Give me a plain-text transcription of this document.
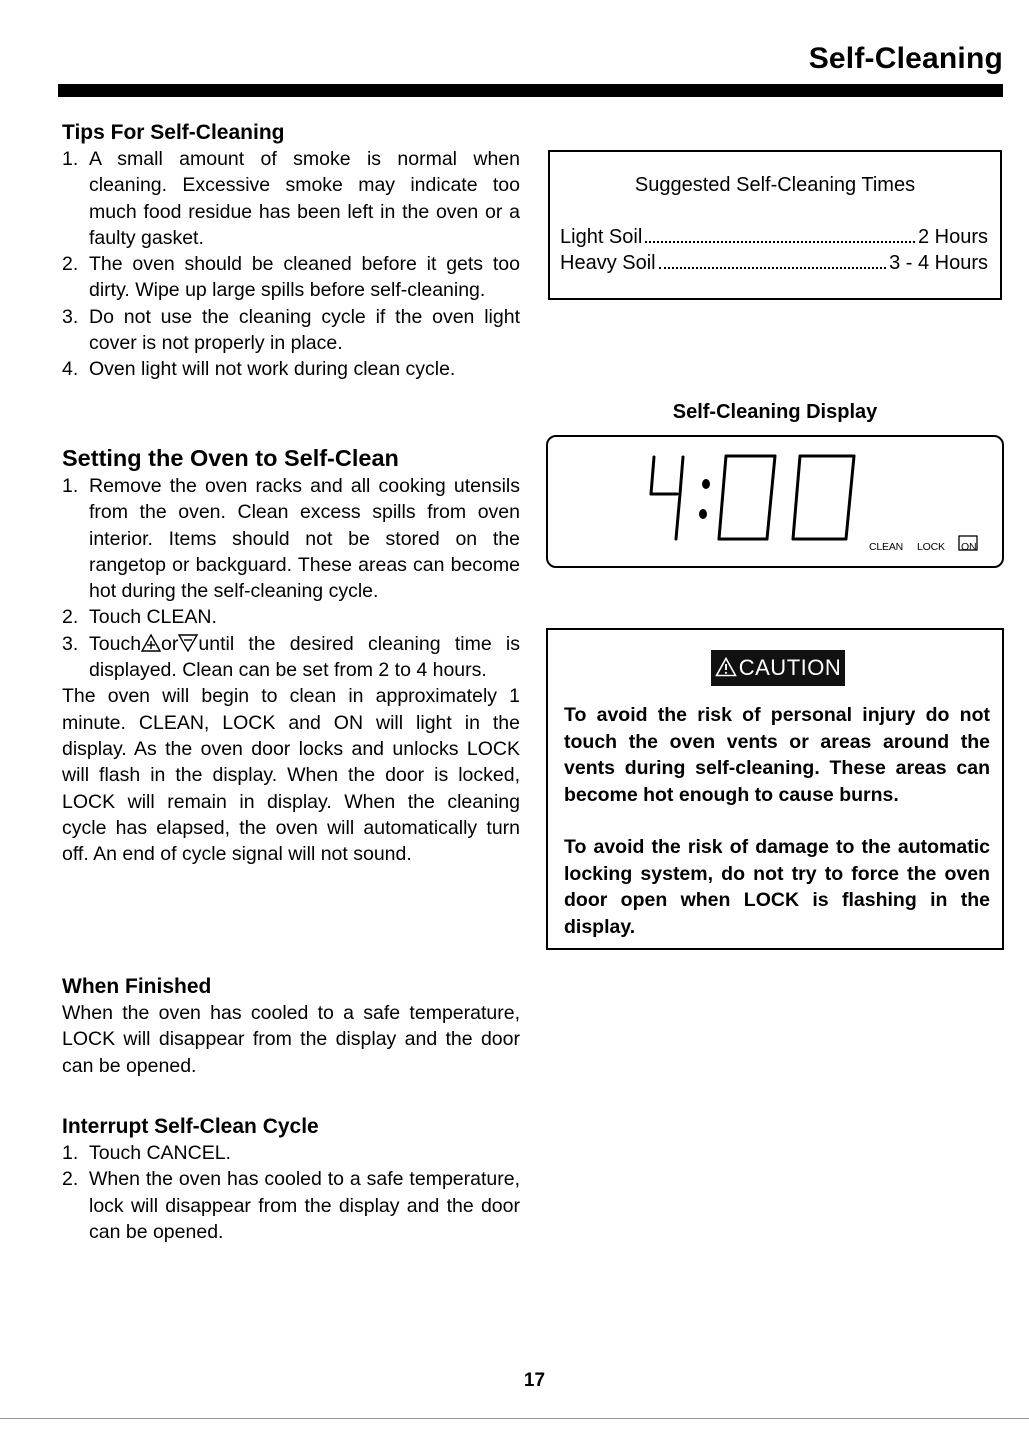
Self-Cleaning
Tips For Self-Cleaning
1. A small amount of smoke is normal when cleaning. Excessive smoke may indicate too much food residue has been left in the oven or a faulty gasket.
2. The oven should be cleaned before it gets too dirty. Wipe up large spills before self-cleaning.
3. Do not use the cleaning cycle if the oven light cover is not properly in place.
4. Oven light will not work during clean cycle.
Setting the Oven to Self-Clean
1. Remove the oven racks and all cooking utensils from the oven. Clean excess spills from oven interior. Items should not be stored on the rangetop or backguard. These areas can become hot during the self-cleaning cycle.
2. Touch CLEAN.
3. Touch or until the desired cleaning time is displayed. Clean can be set from 2 to 4 hours.

The oven will begin to clean in approximately 1 minute. CLEAN, LOCK and ON will light in the display. As the oven door locks and unlocks LOCK will flash in the display. When the door is locked, LOCK will remain in display. When the cleaning cycle has elapsed, the oven will automatically turn off. An end of cycle signal will not sound.

When Finished

When the oven has cooled to a safe temperature, LOCK will disappear from the display and the door can be opened.

Interrupt Self-Clean Cycle
1. Touch CANCEL.
2. When the oven has cooled to a safe temperature, lock will disappear from the display and the door can be opened.
Suggested Self-Cleaning Times
Light Soil	2 Hours
Heavy Soil	3 - 4 Hours
Self-Cleaning Display
CLEAN LOCK ON
CAUTION

To avoid the risk of personal injury do not touch the oven vents or areas around the vents during self-cleaning. These areas can become hot enough to cause burns.

To avoid the risk of damage to the automatic locking system, do not try to force the oven door open when LOCK is flashing in the display.

17
